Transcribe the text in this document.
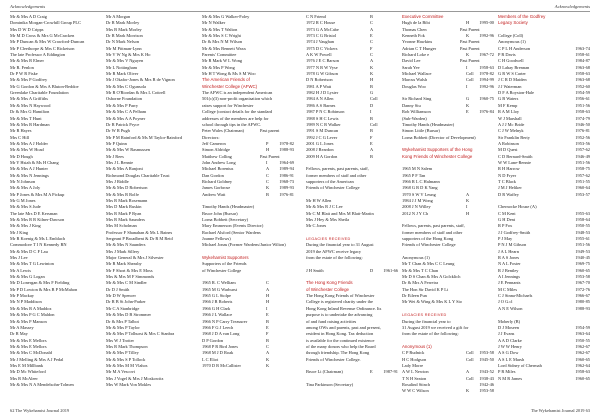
Acknowledgements	Acknowledgements
Mr & Mrs A D Craig
Dominika Morgan-Crowhill Group PLC
Mrs D W D Cripps
Mr M D Cross & Mrs G McCracken
Mr P Duncan & Mrs W Crawford-Duncan
Mr P Cleethorpe & Mrs C Ricketson
The late Professor A Eddington
Mr & Mrs R Elmer
Mr R. Fenlon
Dr P W R Fiske
Mr & Mrs P Godfrey
Mr G Gordon & Mrs A Bluton-Beddoe
Greenlake Charitable Foundation
Mr & Mrs A Griffiths
Mr & Mrs N Haywood
Dr & Mrs G Hamilton
Mr & Mrs T Hunt
Mr & Mrs R Hardman
Mr R Hayes
Mrs C Hill
Mr & Mrs A J Holder
Mr & Mrs W Hoad
Mr D Hough
Mr Y Hsiah & Ms H Chang
Mr & Mrs A J Hunter
Mr & Mrs N Jennings
Mr N Johnson
Mr & Mrs A Joly
Mr P Jones & Mrs M A Pickup
Mr G M Jones
Mr & Mrs S Jude
The late Mrs D E Kersman
Mr & Mrs R R Kilner-Dawson
Mr & Mrs J King
Mr J King
Mr R Koenig & Ms L Emblach
Commodore T I N Kennedy RN
Mr & Mrs D C F Lau
Mrs J Lee
Mr & Mrs T G Lewinton
Mr A Lewis
Mr & Mrs G Logan
Mr D Lonergan & Mrs F Fielding
Mr P D Lowton & Mrs B P McMahon
Mr P Mackay
Mr N P Maddison
Mr & Mrs R A Maddox
Mr & Mrs P G C Maldon
Mr & Mrs P Manson
Mr A Massey
Dr R May
Mr & Mrs E Mellors
Mr & Mrs E Mellors
Mr & Mrs C McDonald
Mr J Melling & Mrs A J Pedal
Mrs E M Millbank
Mr D Mc Whiteford
Mrs R McAleer
Mr & Mrs N A Mendelsohn-Tolmen
Mr A Morgan
Dr R Mark Morley
Mrs B Mark Morley
Dr R Mark Morrison
Dr N Mark Nelson
Mr M Pittman-Lynn
Mr V W Ng & Mrs K Ho
Mr & Mrs V Nguyen
Mr L Nottingham
Mr R Mark Oliver
Mr J Okafor-Jones & Mrs R de Vignon
Mr & Mrs C Ogunsola
Mr R O'Riordan & Mrs L Cottrell
Osborne Foundation
Mr & Mrs P Parry
Mr & Mrs C A Pelham
Mr & Mrs A A Poyner
Dr R Patrick Pryce
Dr W R Pugh
Mr P M Rainford & Ms M Taylor-Rainford
Mr P Quinn
Mr & Mrs W Rasmussen
Mr J Rees
Mrs J L Rennie
Mr & Mrs A Ranjoni
Richmond Douglas Charitable Trust
Mrs J Riddle
Mr & Mrs D Robertson
Mr & Mrs R Rolfe
Mrs R Mark Rosemann
Mrs D Mark Ruskin
Mrs R Mark P Ryan
Mrs R Mark Saunders
Mrs M Scholman
Professor F Shanahan & Ms L Baines
Sergeant P Broadbent & Dr R M Reid
Mr & Mrs N Saunders
Mrs J Mark Sillery
Major General & Mrs J Silvester
Mr R Mark Sheasby
Mr F Short & Mrs E Moss
Mrs & Mrs M F Simmonds
Mr & Mrs C M Sindler
Dr D J Smith
Mr D W Spencer
Dr R B St John-Parker
Mr C A Stanbridge
Mr & Mrs D B Strommer
Dr & Mrs P Talbot
Mr & Mrs P Taylor
Mr & Mrs P Tolhurst & Mrs C Stanbra
Mrs W J Trotter
Mrs R Mark Thompson
Mr & Mrs P Tilley
Mr & Mrs S P Tollock
Mr & Mrs M M Vlahos
Mr M A Vescovi
Mrs J Vogel & Mrs J Moskowitz
Mrs W Mark Von Mokles
Mr & Mrs G Walker-Foley
Mr N Walker
Mr & Mrs T Walton
Mr & Mrs S C Wright
Dr & Mrs N M Wilson
Mr & Mrs Bennett Waxx
Parents' Committee
Mr R Mark W L Wong
Mr & Mrs P Wong
Mr H T Wong & Ms S M Woo
The American Friends of
Winchester College (AFWC)
The AFWC is an independent American
501(c)(3) non-profit organisation which
raises support for Winchester
College (contact details for the standard
addresses of the members are help for
school through tips in the AFWC.
Peter Wales (Chairman)	Past parent
Directors:
Jeff Cameron	P 1978-82
Simon Aldridge	H 1988-93
Matthew Colling	Past Parent
John Andrew Long	I	1964-69
Michael Borenius	A 1989-94
Dan Gordon	C 1986-91
Richard Goldney	C 1968-73
James Gorbrose	K 1989-93
Andrew Watt	B 1976-81
Timothy Hands (Headmaster)
Bruce John (Bursar)
Lorna Bobbett (Secretary)
Mary Emmerson (Events Director)
Rachael Alsford (Senior Wardens
Joanne Fellows)
Michael Jonas (Former Wardens/Junior Wilton)
Wykehamist Supporters
Supporters of the Friends
of Winchester College
1965 R. C Welliam	C
1965 M G Warhurst	A
1965 G L Stolpe	H
1966 J R Roberts	H
1966 G H Clark	I
1966 J L Wallace	E
1966 N P Carry Treasurer	B
1966 F G J Leech	E
1968 J D A van Long	F
D P Gordon	B
1968 P R Bird Jones	C
1968 M J D Roak	A
L C Eliot	K
1970 D R McCallister	K
C N Friend	B
1972 R C House	C
1973 G A McCabe	A
1973 C G Bristol	E
1974 J Vaughan	C
1975 D C Vickers	F
A K W Powell	C
1976 J E C Barson	A
1977 N R W Vyse	K
1978 G W Gibson	K
D N Robertson	H
1981 A P Watt	B
1982 H J D Lyster	G
1984 A N Allen	Coll
1986 A S Barnes	D
1987 P N C Robinson	I
1988 S H C Lewis	B
1989 N C R Walker	Coll
1991 S M Duncan	B
1992 J C G Lever	F
2001 G L Jones	E
2008 J Reardon	A
2009 H A Gordon	B
Fellows, parents, past parents, staff,
former members of staff and other
supporters of the American
Friends of Winchester College
Mr H W Allen
Mr & Mrs R J C Lee
Mr C M Blatt and Mrs M Blatt-Martin
Mrs J Hey & Mrs Sheila
Mr C Jones
LEGACIES RECEIVED
During the financial year to 31 August
2019 the AFWC receive legacy
from the estate of the following:
J H Smith	D 1961-66
The Hong Kong Friends
of Winchester College
The Hong Kong Friends of Winchester
College is registered charity under the
Hong Kong Inland Revenue Ordinance. Its
purpose is to undertake the advancing
of and fund raising activities
among OWs and parents, past and present,
resident in Hong Kong. Tax deduction
is available for the continued existence
of the many donors who help the Board
through friendship. The Hong Kong
Friends of Winchester College.
Bruce Li (Chairman)	E 1987-91
Tina Parkinson (Secretary)
Executive Committee
Hugh de la Bibi	H 1995-00
Thomas Chen	Past Parent
Kenneth Fok	K 1992-96
Yvonne Hawkins	Past Parent
Adrian C T Hunger	Past Parent
Richard Loke e	K 1967-72
David Lee	Past Parent
Sarah Yee	I	1958-63
Michael Wallace	Coll 1978-82
Marcus Walsh	Coll 1994-99
Douglas Woo	I	1992-96
Sir Richard Sing	G 1960-75
Danny Siu	K
Rob Williamson	E 1976-84
(Sub-Warden)
Timothy Hands (Headmaster)
Simon Little (Bursar)
Lorna Bobbett (Director of Development)
Wykehamist Supporters of the Hong
Kong Friends of Winchester College
1965 M N Salem
1965 P F Tan
1966 R L C Halmann
1968 G R D K Yang
1970 S W V Leung	A
1984 J J M Wong	K
2008 J N Willey	I
2012 N J Y Ch	H
Fellows, parents, past parents, staff,
former members of staff and other
supporters of the Hong Kong
Friends of Winchester College
Anonymous (1)
Mr T Chan & Mrs C C Leung
Mr & Mrs T C Chan
Mr D S Chan & Mrs A Golcklich
Dr & Mrs A Ferreira
The Hon Sir David K P Li
Dr Eileen Pun
Mr Wei & Wing & Mrs K L Y Sio
LEGACIES RECEIVED
During the financial year to
31 August 2019 we received a gift for
from the estate of the following:
Anonymous (1)
C P Rudnick	Coll 1953-58
H C Hodgson	Coll 1945-50
Lady Morre
A W L Newton	A 1943-52
T N H Seaton	Coll 1938-43
Rosalind Stinch	1942-46
W W C Wilson	K 1953-58
Members of the Godfrey
Legacy Society
College (Coll)
Anonymous (1)
C P L H Anderson	1963-74
P R Davis	1958-61
C H Goodwell	1984-87
D Lahay Brennan	1963-68
G R W S Carter	1958-63
J C R D Maiden	1963-68
J J Waterman	1952-60
D F A Royston-Hale	1954-59
G B Waters	1956-61
M F Kemp	1951-56
R A M Lloy	1958-63
W J Marshall	1974-79
A J J Mc Bride	1946-50
C J W Melnyk	1976-81
Sir Franklin Berty	1952-56
A Robinson	1953-56
M D Quest	1957-62
C D Bernard-Smith	1946-49
W W Lane-Rennie	1951-56
R H Harrow	1958-75
N D Fryer	1957-62
T C Black	1951-55
J M J Heliker	1960-64
D R Waffey	1953-57
Chernocke House (A)
C M Kent	1955-63
G H Dent	1958-64
R P Fox	1950-55
J J Godfrey-Smith	1948-53
P J May	1955-61
P N J M Gibson	1951-56
J A L Hearn	1949-53
R A S Jones	1940-45
N A L Foster	1969-75
R J Bentley	1960-65
A I Jennings	1953-58
J E Pennants	1967-70
M C Miles	1972-76
C J Sinna-Michaels	1966-67
J O G.cl	1980-85
A N E Wilson	1988-93
Moberly (B)
D J Moseen	1954-59
J J Evans	1963-64
A A D Clarke	1950-55
J W W Henry	1962-67
A S G Dow	1962-67
A S L E Marsh	1960-65
Lord Sidney of Chermah	1962-64
P R Miles	1958-63
N M R James	1960-65
62 The Wykehamist Journal 2019	The Wykehamist Journal 2019 63
